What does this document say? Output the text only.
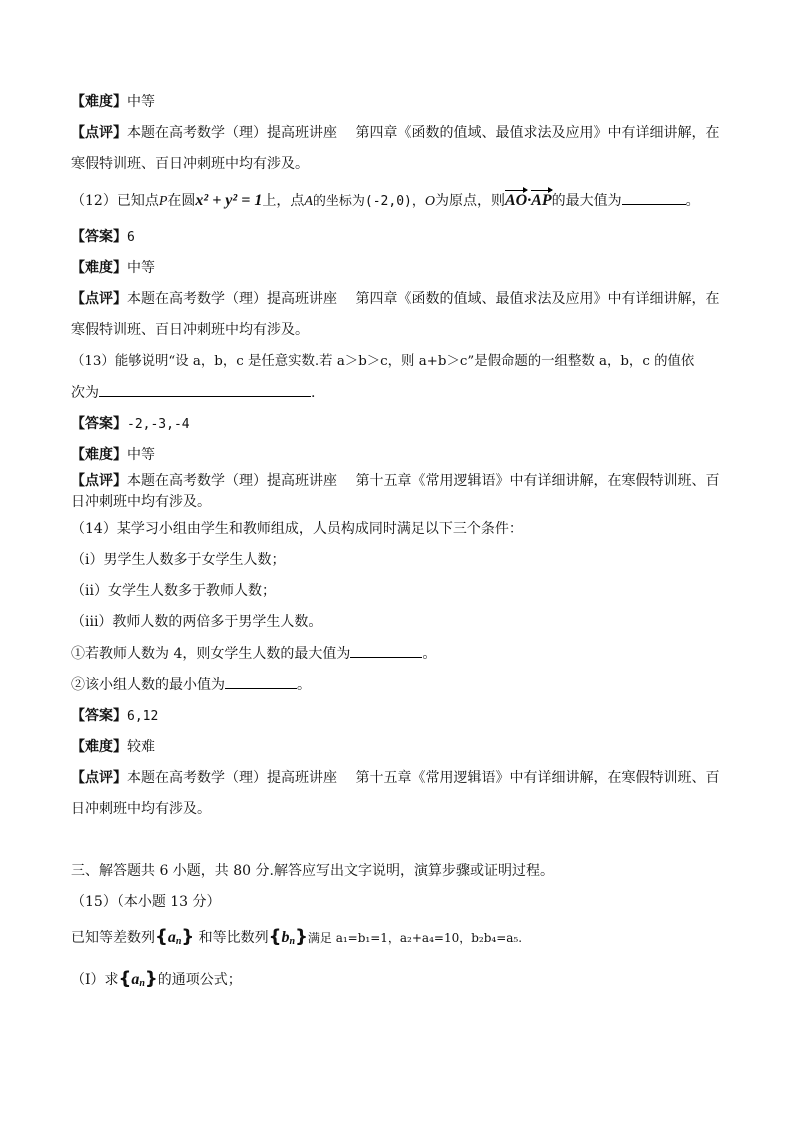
【难度】中等
【点评】本题在高考数学（理）提高班讲座　 第四章《函数的值域、最值求法及应用》中有详细讲解，在
寒假特训班、百日冲刺班中均有涉及。
（12）已知点P在圆x² + y² = 1上，点A的坐标为(-2,0)，O为原点，则AO·AP的最大值为	。
【答案】6
【难度】中等
【点评】本题在高考数学（理）提高班讲座　 第四章《函数的值域、最值求法及应用》中有详细讲解，在
寒假特训班、百日冲刺班中均有涉及。
（13）能够说明“设 a，b，c 是任意实数.若 a＞b＞c，则 a+b＞c”是假命题的一组整数 a，b，c 的值依
次为	.
【答案】-2,-3,-4
【难度】中等
【点评】本题在高考数学（理）提高班讲座　 第十五章《常用逻辑语》中有详细讲解，在寒假特训班、百
日冲刺班中均有涉及。
（14）某学习小组由学生和教师组成，人员构成同时满足以下三个条件：
（i）男学生人数多于女学生人数；
（ii）女学生人数多于教师人数；
（iii）教师人数的两倍多于男学生人数。
①若教师人数为 4，则女学生人数的最大值为	。
②该小组人数的最小值为	。
【答案】6,12
【难度】较难
【点评】本题在高考数学（理）提高班讲座　 第十五章《常用逻辑语》中有详细讲解，在寒假特训班、百
日冲刺班中均有涉及。
三、解答题共 6 小题，共 80 分.解答应写出文字说明，演算步骤或证明过程。
（15）（本小题 13 分）
已知等差数列$\{a_n\}$ 和等比数列$\{b_n\}$满足 a₁=b₁=1，a₂+a₄=10，b₂b₄=a₅.
（Ⅰ）求$\{a_n\}$的通项公式；
